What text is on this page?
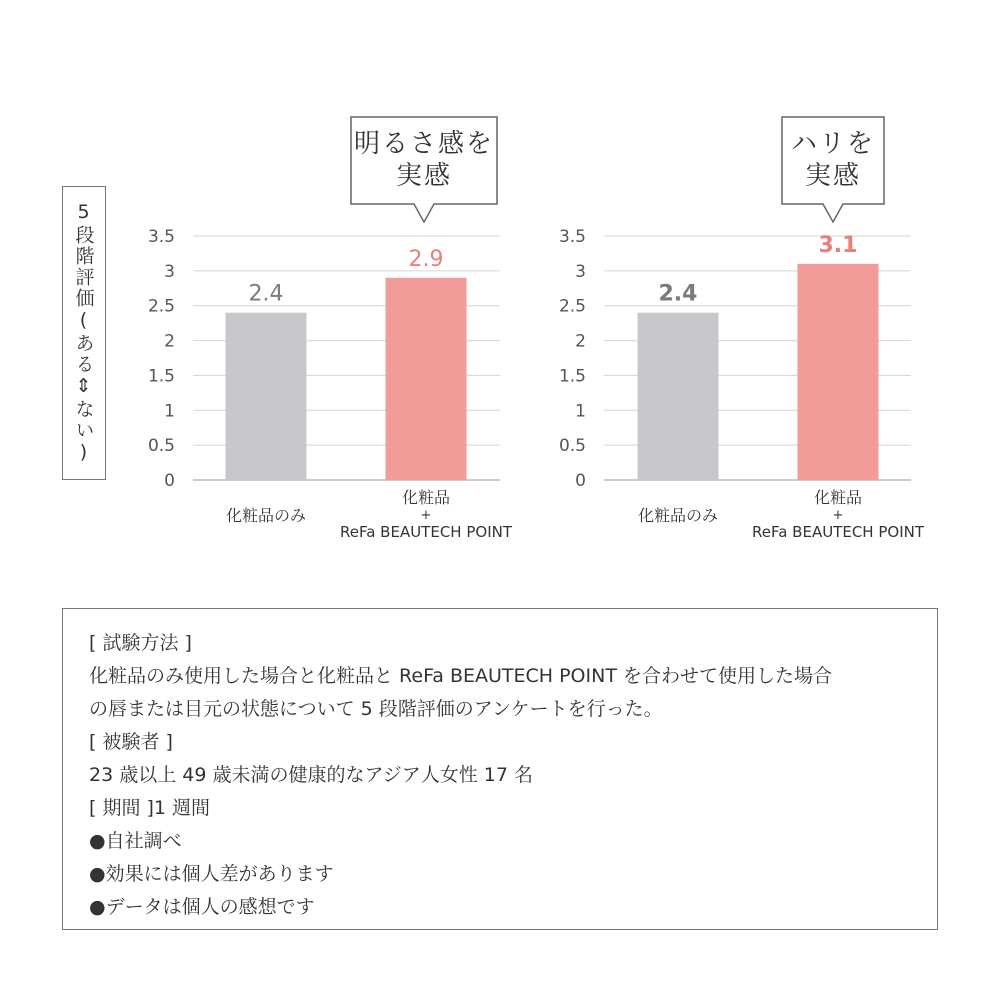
5段階評価(ある⇕ない)
0
0.5
1
1.5
2
2.5
3
3.5
2.4
化粧品のみ
2.9
化粧品+ ReFa BEAUTECH POINT
0
0.5
1
1.5
2
2.5
3
3.5
2.4
化粧品のみ
3.1
化粧品+ ReFa BEAUTECH POINT
明るさ感を
実感
ハリを
実感
[ 試験方法 ]
化粧品のみ使用した場合と化粧品と ReFa BEAUTECH POINT を合わせて使用した場合
の唇または目元の状態について 5 段階評価のアンケートを行った。
[ 被験者 ]
23 歳以上 49 歳未満の健康的なアジア人女性 17 名
[ 期間 ]1 週間
●自社調べ
●効果には個人差があります
●データは個人の感想です
